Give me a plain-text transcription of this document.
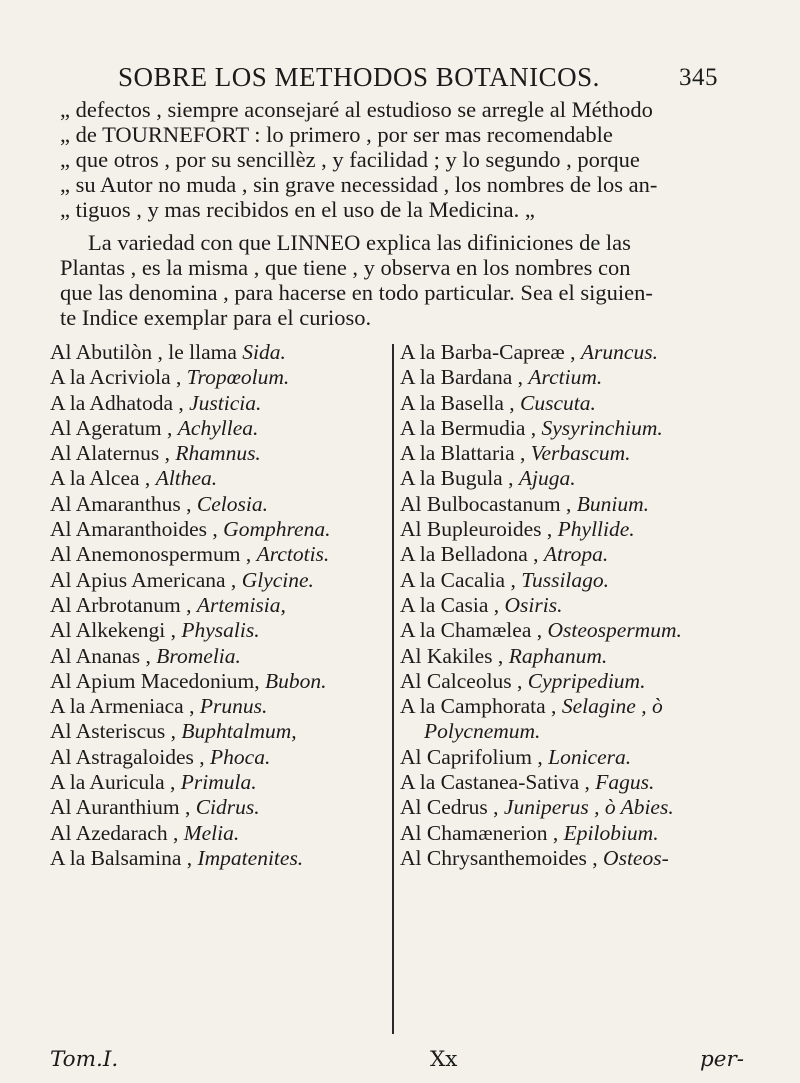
SOBRE LOS METHODOS BOTANICOS.	345
„ defectos , siempre aconsejaré al estudioso se arregle al Méthodo
„ de TOURNEFORT : lo primero , por ser mas recomendable
„ que otros , por su sencillèz , y facilidad ; y lo segundo , porque
„ su Autor no muda , sin grave necessidad , los nombres de los an-
„ tiguos , y mas recibidos en el uso de la Medicina. „
La variedad con que LINNEO explica las difiniciones de las
Plantas , es la misma , que tiene , y observa en los nombres con
que las denomina , para hacerse en todo particular. Sea el siguien-
te Indice exemplar para el curioso.
Al Abutilòn , le llama Sida.
A la Acriviola , Tropœolum.
A la Adhatoda , Justicia.
Al Ageratum , Achyllea.
Al Alaternus , Rhamnus.
A la Alcea , Althea.
Al Amaranthus , Celosia.
Al Amaranthoides , Gomphrena.
Al Anemonospermum , Arctotis.
Al Apius Americana , Glycine.
Al Arbrotanum , Artemisia,
Al Alkekengi , Physalis.
Al Ananas , Bromelia.
Al Apium Macedonium, Bubon.
A la Armeniaca , Prunus.
Al Asteriscus , Buphtalmum,
Al Astragaloides , Phoca.
A la Auricula , Primula.
Al Auranthium , Cidrus.
Al Azedarach , Melia.
A la Balsamina , Impatenites.
A la Barba-Capreæ , Aruncus.
A la Bardana , Arctium.
A la Basella , Cuscuta.
A la Bermudia , Sysyrinchium.
A la Blattaria , Verbascum.
A la Bugula , Ajuga.
Al Bulbocastanum , Bunium.
Al Bupleuroides , Phyllide.
A la Belladona , Atropa.
A la Cacalia , Tussilago.
A la Casia , Osiris.
A la Chamælea , Osteospermum.
Al Kakiles , Raphanum.
Al Calceolus , Cypripedium.
A la Camphorata , Selagine , ò
Polycnemum.
Al Caprifolium , Lonicera.
A la Castanea-Sativa , Fagus.
Al Cedrus , Juniperus , ò Abies.
Al Chamænerion , Epilobium.
Al Chrysanthemoides , Osteos-
Tom.I.	Xx	per-
